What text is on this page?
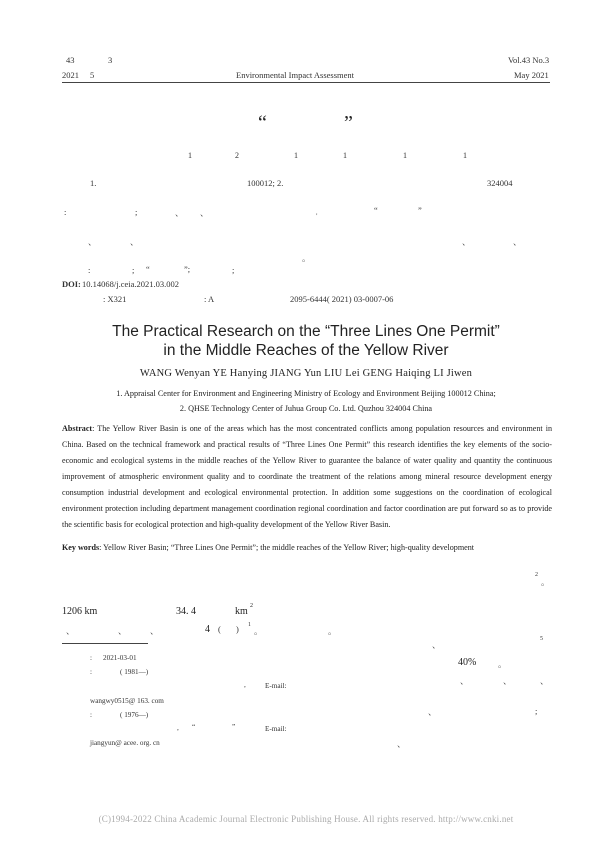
43	3
2021 5	Environmental Impact Assessment
Vol.43 No.3
May 2021
“	”
1	2	1	1	1	1
1.	100012; 2.	324004
:	;	、 、	,	“	”
、	、	、	、
。
:	; “	”;	;
DOI: 10.14068/j.ceia.2021.03.002
: X321	: A	2095-6444( 2021) 03-0007-06
The Practical Research on the “Three Lines One Permit”
in the Middle Reaches of the Yellow River
WANG Wenyan YE Hanying JIANG Yun LIU Lei GENG Haiqing LI Jiwen
1. Appraisal Center for Environment and Engineering Ministry of Ecology and Environment Beijing 100012 China;
2. QHSE Technology Center of Juhua Group Co. Ltd. Quzhou 324004 China
Abstract: The Yellow River Basin is one of the areas which has the most concentrated conflicts among population resources and environment in China. Based on the technical framework and practical results of “Three Lines One Permit” this research identifies the key elements of the socio-economic and ecological systems in the middle reaches of the Yellow River to guarantee the balance of water quality and quantity the continuous improvement of atmospheric environment quality and to coordinate the treatment of the relations among mineral resource development energy consumption industrial development and ecological environmental protection. In addition some suggestions on the coordination of ecological environment protection including department management coordination regional coordination and factor coordination are put forward so as to provide the scientific basis for ecological protection and high-quality development of the Yellow River Basin.
Key words: Yellow River Basin; “Three Lines One Permit”; the middle reaches of the Yellow River; high-quality development
2
。
1206 km	34. 4	km 2
、	、	、	4 ( ) 1
。	。
、
5
40%	。
、	、	、
、	;
、
: 2021-03-01
:	( 1981—)
,	E-mail:
wangwy0515@ 163. com
:	( 1976—)
, “	”	E-mail:
jiangyun@ acee. org. cn
(C)1994-2022 China Academic Journal Electronic Publishing House. All rights reserved. http://www.cnki.net
